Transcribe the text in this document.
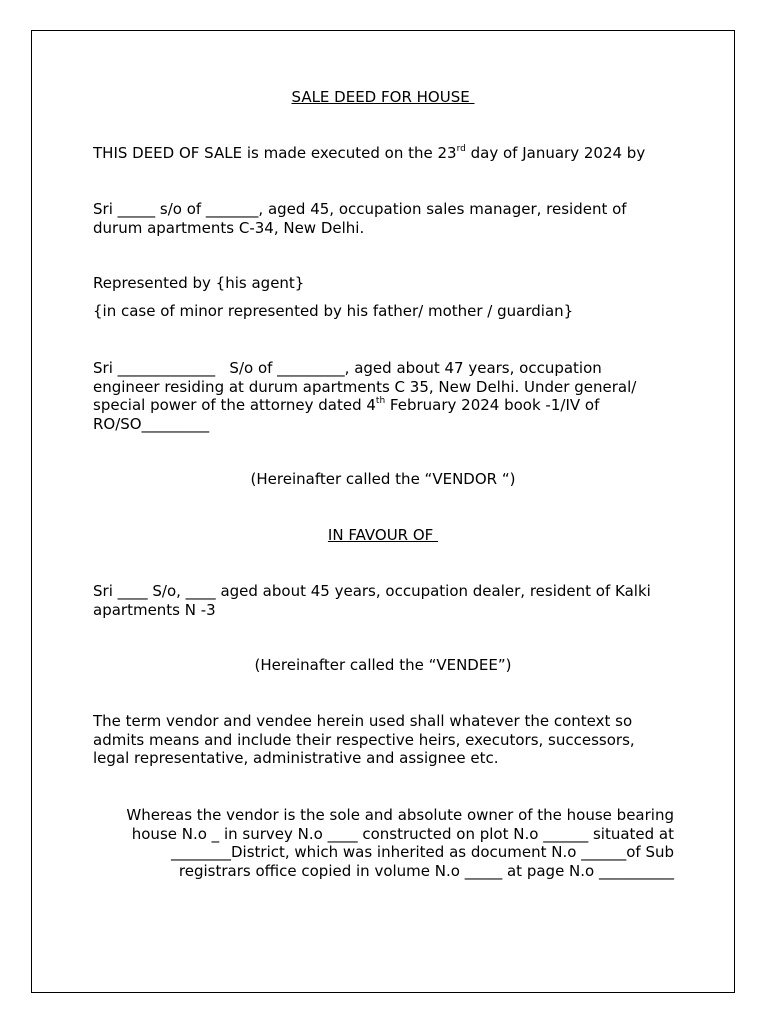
SALE DEED FOR HOUSE

THIS DEED OF SALE is made executed on the 23rd day of January 2024 by

Sri _____ s/o of _______, aged 45, occupation sales manager, resident of

durum apartments C-34, New Delhi.

Represented by {his agent}

{in case of minor represented by his father/ mother / guardian}

Sri _____________   S/o of _________, aged about 47 years, occupation

engineer residing at durum apartments C 35, New Delhi. Under general/

special power of the attorney dated 4th February 2024 book -1/IV of

RO/SO_________

(Hereinafter called the “VENDOR “)

IN FAVOUR OF

Sri ____ S/o, ____ aged about 45 years, occupation dealer, resident of Kalki

apartments N -3

(Hereinafter called the “VENDEE”)

The term vendor and vendee herein used shall whatever the context so

admits means and include their respective heirs, executors, successors,

legal representative, administrative and assignee etc.

Whereas the vendor is the sole and absolute owner of the house bearing

house N.o _ in survey N.o ____ constructed on plot N.o ______ situated at

________District, which was inherited as document N.o ______of Sub

registrars office copied in volume N.o _____ at page N.o __________
